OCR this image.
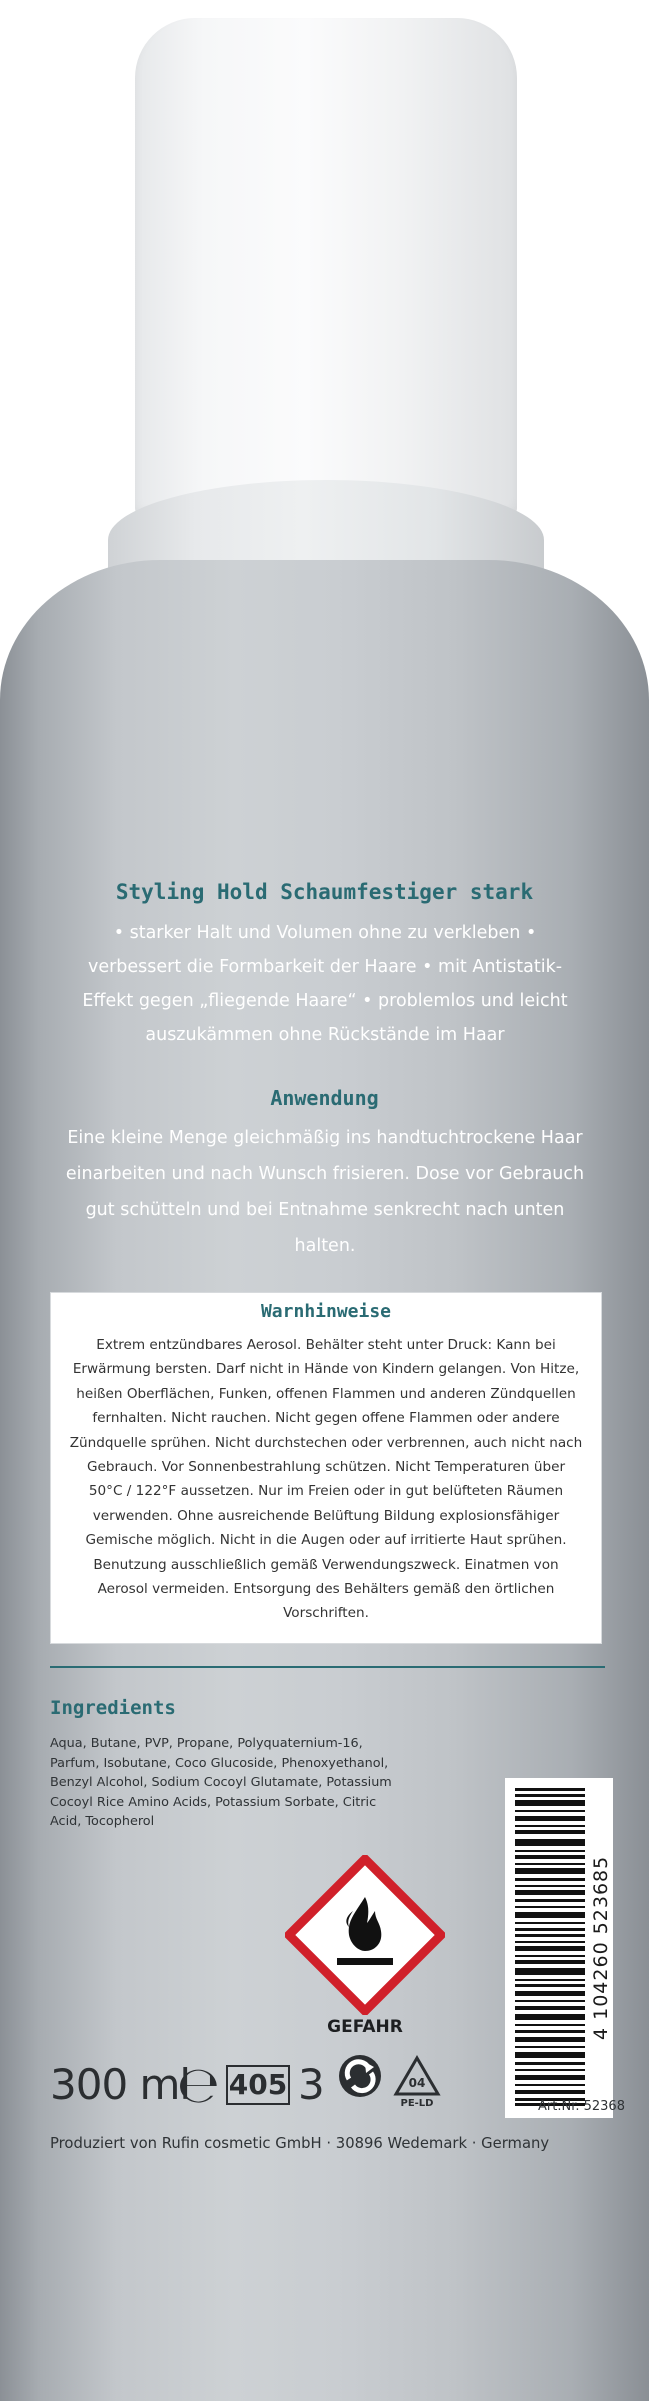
Styling Hold Schaumfestiger stark
• starker Halt und Volumen ohne zu verkleben • verbessert die Formbarkeit der Haare • mit Antistatik-Effekt gegen „fliegende Haare“ • problemlos und leicht auszukämmen ohne Rückstände im Haar
Anwendung
Eine kleine Menge gleichmäßig ins handtuchtrockene Haar einarbeiten und nach Wunsch frisieren. Dose vor Gebrauch gut schütteln und bei Entnahme senkrecht nach unten halten.
Warnhinweise
Extrem entzündbares Aerosol. Behälter steht unter Druck: Kann bei Erwärmung bersten. Darf nicht in Hände von Kindern gelangen. Von Hitze, heißen Oberflächen, Funken, offenen Flammen und anderen Zündquellen fernhalten. Nicht rauchen. Nicht gegen offene Flammen oder andere Zündquelle sprühen. Nicht durchstechen oder verbrennen, auch nicht nach Gebrauch. Vor Sonnenbestrahlung schützen. Nicht Temperaturen über 50°C / 122°F aussetzen. Nur im Freien oder in gut belüfteten Räumen verwenden. Ohne ausreichende Belüftung Bildung explosionsfähiger Gemische möglich. Nicht in die Augen oder auf irritierte Haut sprühen. Benutzung ausschließlich gemäß Verwendungszweck. Einatmen von Aerosol vermeiden. Entsorgung des Behälters gemäß den örtlichen Vorschriften.
Ingredients
Aqua, Butane, PVP, Propane, Polyquaternium-16, Parfum, Isobutane, Coco Glucoside, Phenoxyethanol, Benzyl Alcohol, Sodium Cocoyl Glutamate, Potassium Cocoyl Rice Amino Acids, Potassium Sorbate, Citric Acid, Tocopherol
4 104260 523685
GEFAHR
300 ml
℮ 405 3	04
PE-LD	Art.Nr. 52368
Produziert von Rufin cosmetic GmbH · 30896 Wedemark · Germany
